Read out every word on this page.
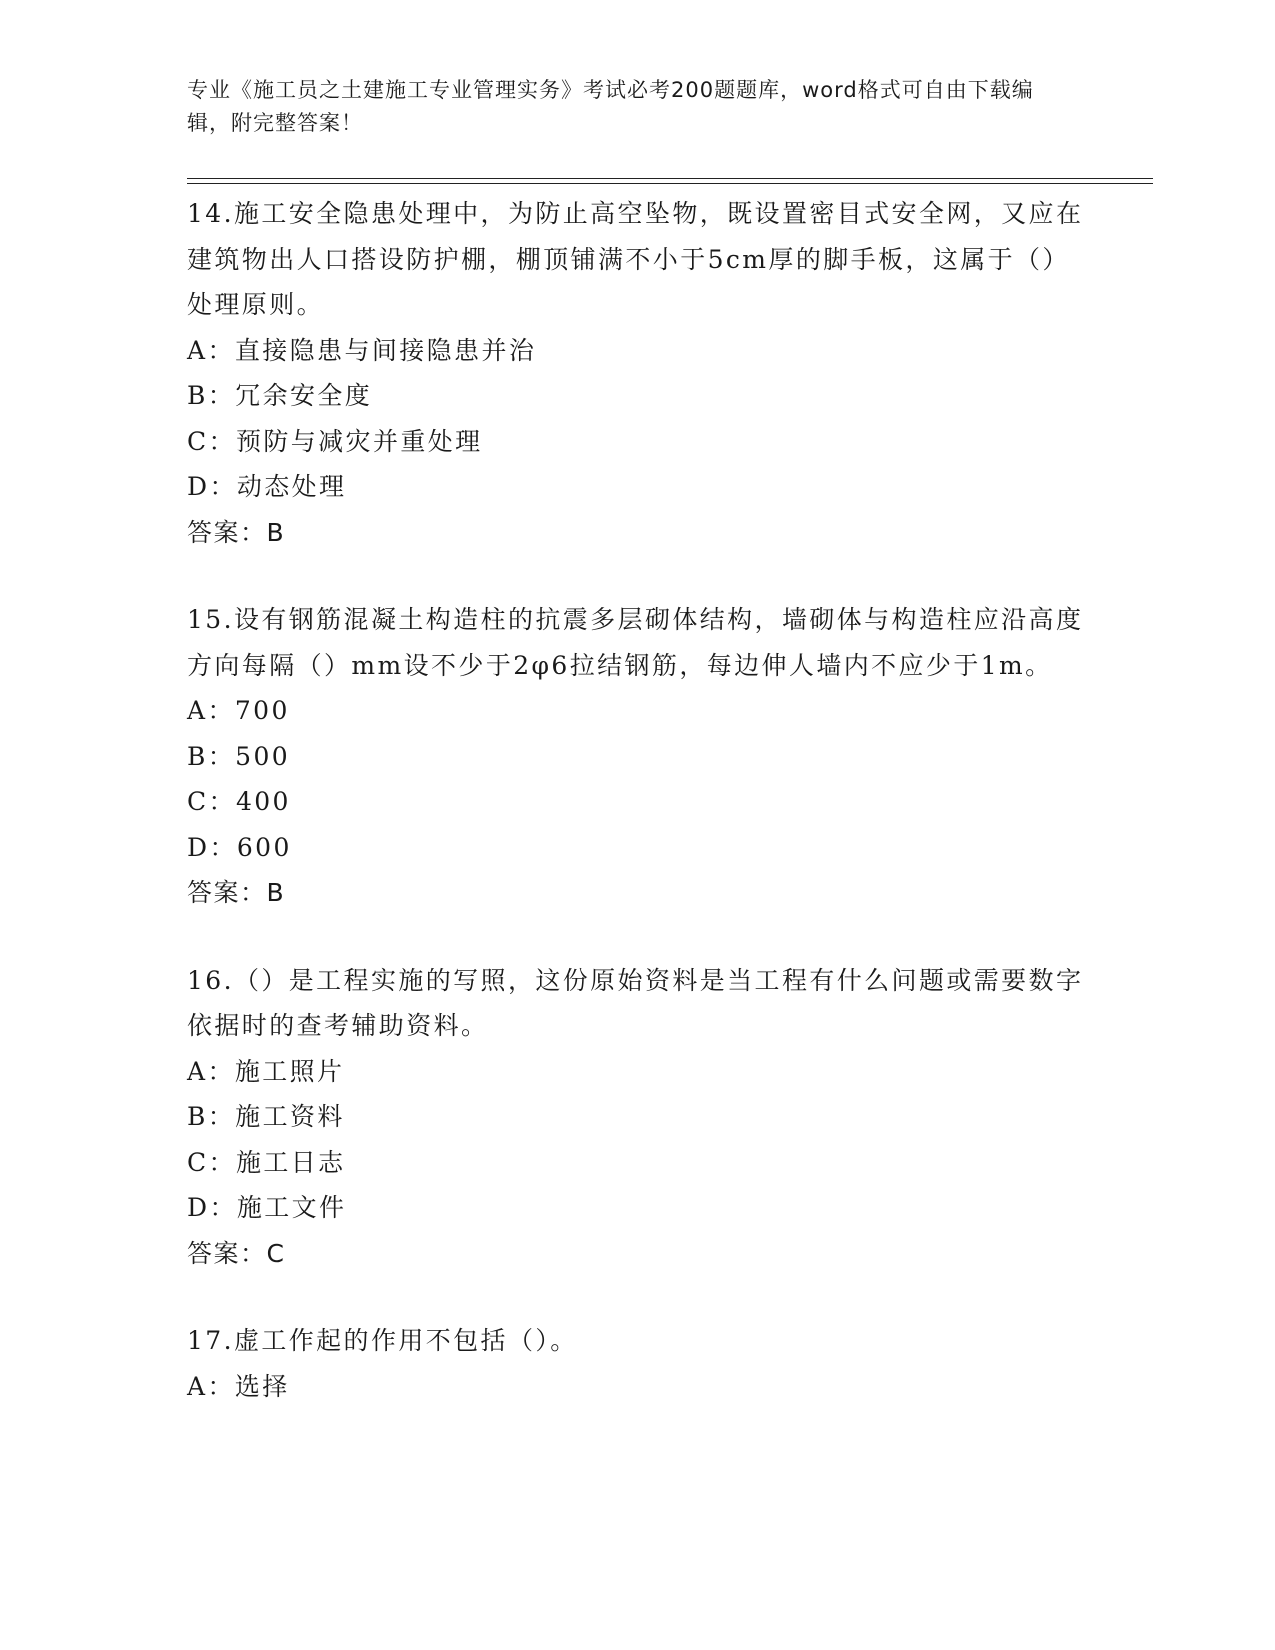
专业《施工员之土建施工专业管理实务》考试必考200题题库，word格式可自由下载编辑，附完整答案！
14.施工安全隐患处理中，为防止高空坠物，既设置密目式安全网，又应在建筑物出人口搭设防护棚，棚顶铺满不小于5cm厚的脚手板，这属于（）处理原则。
A：直接隐患与间接隐患并治
B：冗余安全度
C：预防与减灾并重处理
D：动态处理
答案：B
15.设有钢筋混凝土构造柱的抗震多层砌体结构，墙砌体与构造柱应沿高度方向每隔（）mm设不少于2φ6拉结钢筋，每边伸人墙内不应少于1m。
A：700
B：500
C：400
D：600
答案：B
16.（）是工程实施的写照，这份原始资料是当工程有什么问题或需要数字依据时的查考辅助资料。
A：施工照片
B：施工资料
C：施工日志
D：施工文件
答案：C
17.虚工作起的作用不包括（）。
A：选择
